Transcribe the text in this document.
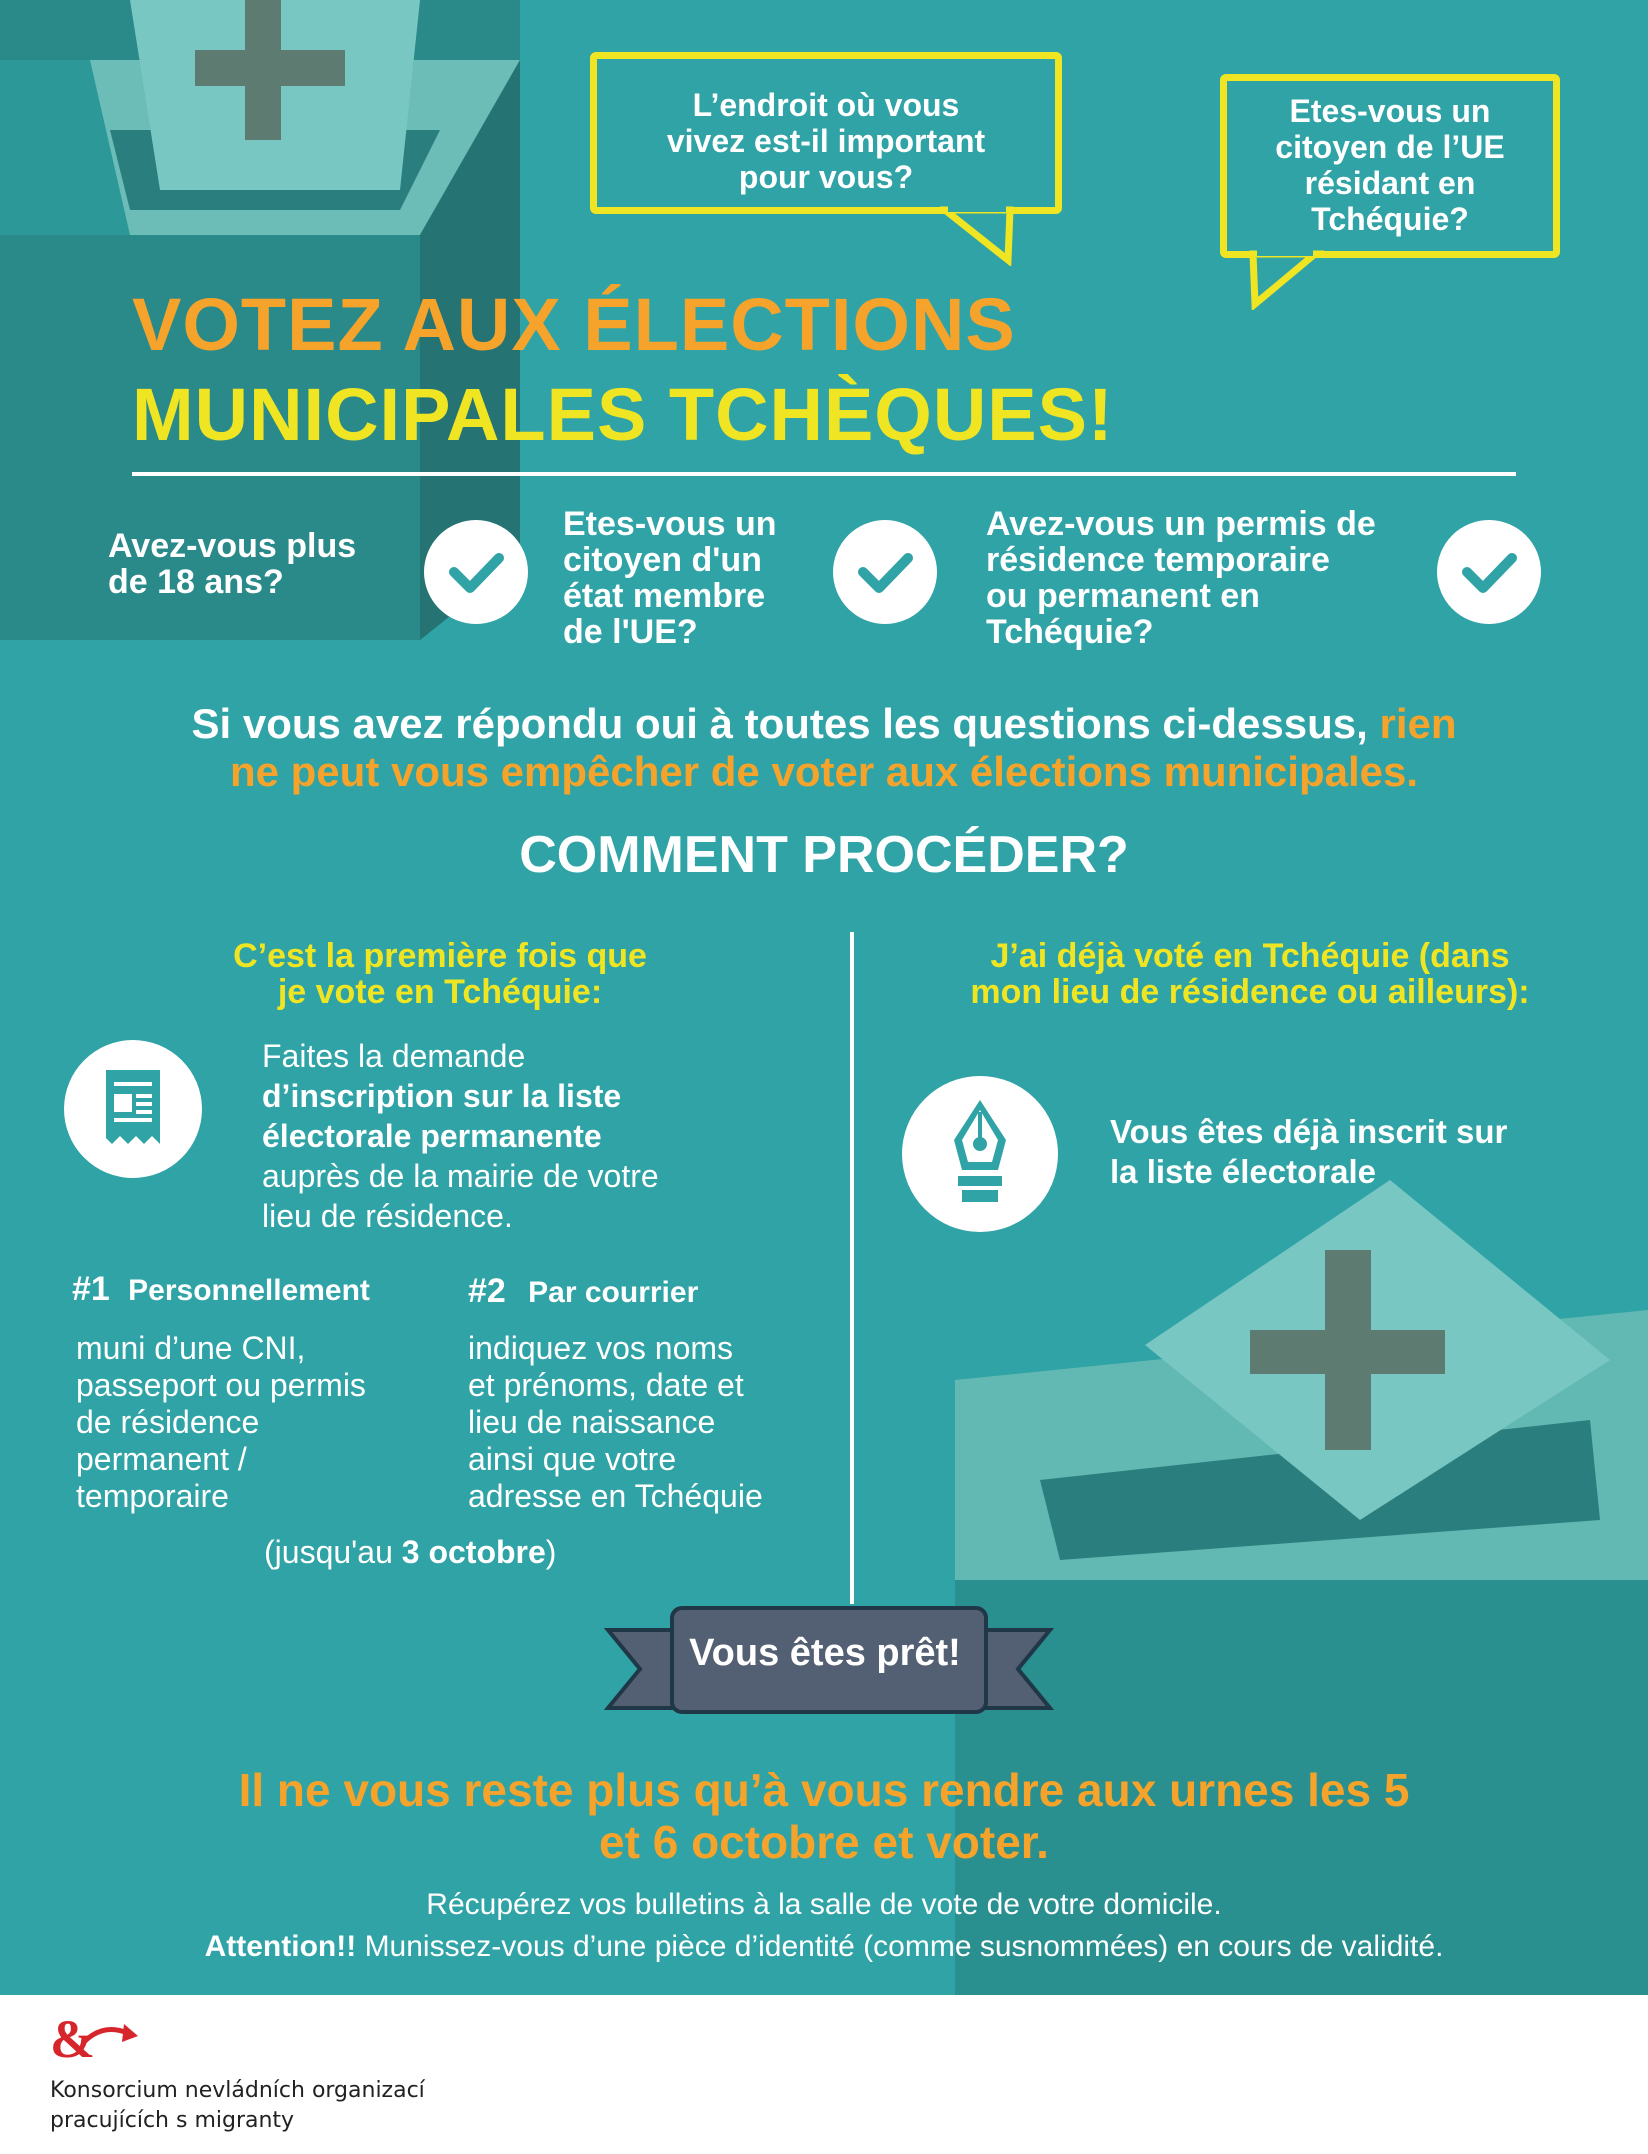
L’endroit où vous
vivez est-il important
pour vous?
Etes-vous un
citoyen de l’UE
résidant en
Tchéquie?
VOTEZ AUX ÉLECTIONS
MUNICIPALES TCHÈQUES!
Avez-vous plus
de 18 ans?
Etes-vous un
citoyen d'un
état membre
de l'UE?
Avez-vous un permis de
résidence temporaire
ou permanent en
Tchéquie?
Si vous avez répondu oui à toutes les questions ci-dessus, rien
ne peut vous empêcher de voter aux élections municipales.
COMMENT PROCÉDER?
C’est la première fois que
je vote en Tchéquie:
Faites la demande
d’inscription sur la liste
électorale permanente
auprès de la mairie de votre
lieu de résidence.
#1 Personnellement
muni d’une CNI,
passeport ou permis
de résidence
permanent /
temporaire
#2 Par courrier
indiquez vos noms
et prénoms, date et
lieu de naissance
ainsi que votre
adresse en Tchéquie
(jusqu'au 3 octobre)
J’ai déjà voté en Tchéquie (dans
mon lieu de résidence ou ailleurs):
Vous êtes déjà inscrit sur
la liste électorale
Vous êtes prêt!
Il ne vous reste plus qu’à vous rendre aux urnes les 5
et 6 octobre et voter.
Récupérez vos bulletins à la salle de vote de votre domicile.
Attention!! Munissez-vous d’une pièce d’identité (comme susnommées) en cours de validité.
&
Konsorcium nevládních organizací
pracujících s migranty
